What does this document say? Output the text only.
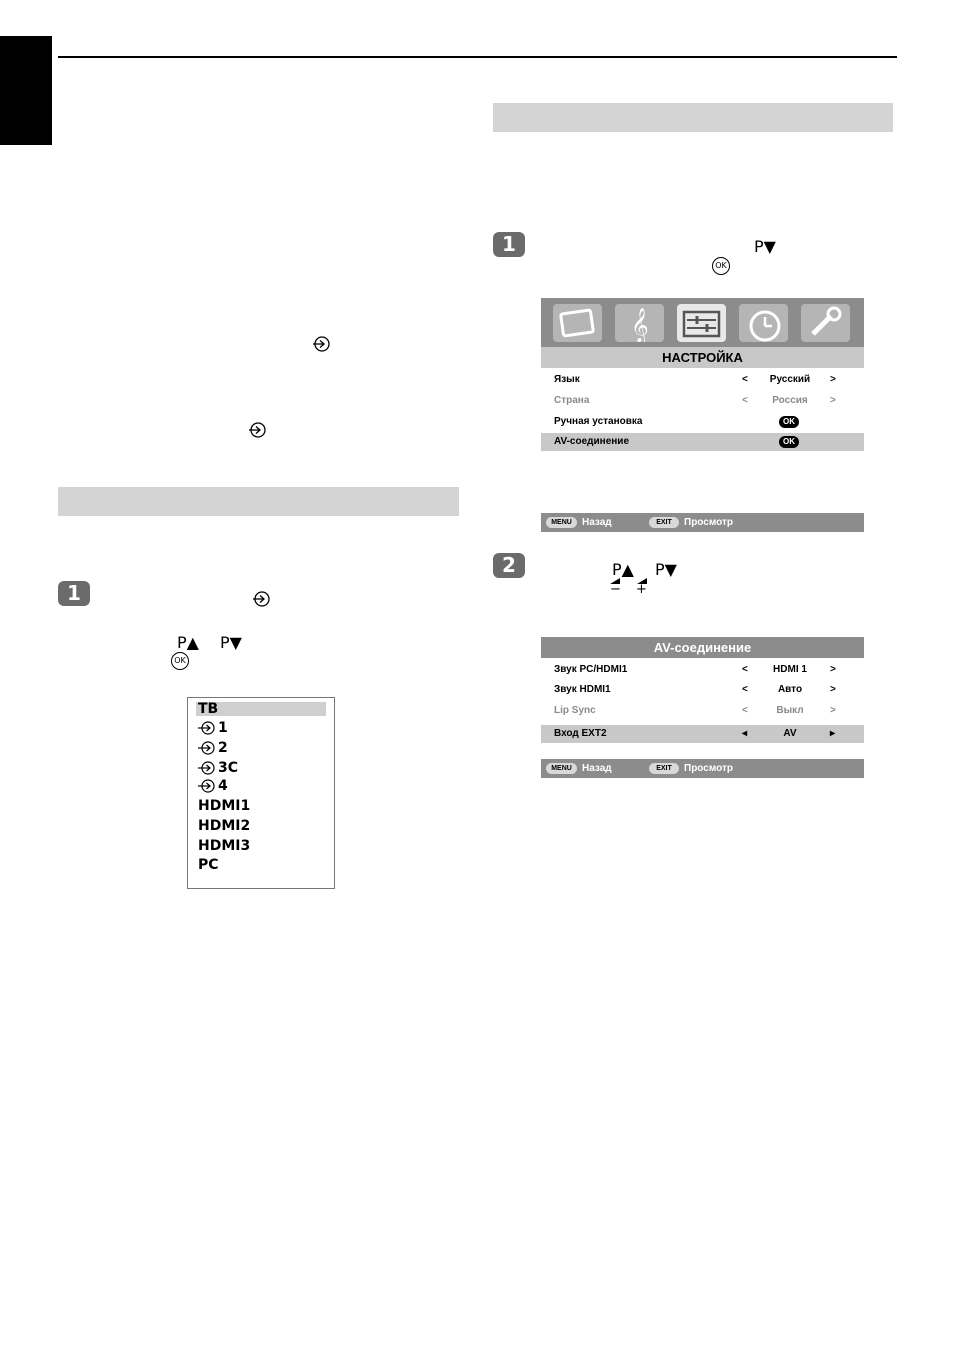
1
P▲ P▼
OK
ТВ
1
2
3C
4
HDMI1
HDMI2
HDMI3
PC
1	P▼
OK
𝄞
НАСТРОЙКА
Язык	<	Русский	>
Страна	<	Россия	>
Ручная установка	OK
AV-соединение	OK
MENU	Назад	EXIT	Просмотр
2	P▲ P▼
− +
AV-соединение
Звук PC/HDMI1	<	HDMI 1	>
Звук HDMI1	<	Авто	>
Lip Sync	<	Выкл	>
Вход EXT2	◂	AV	▸
MENU	Назад	EXIT	Просмотр
